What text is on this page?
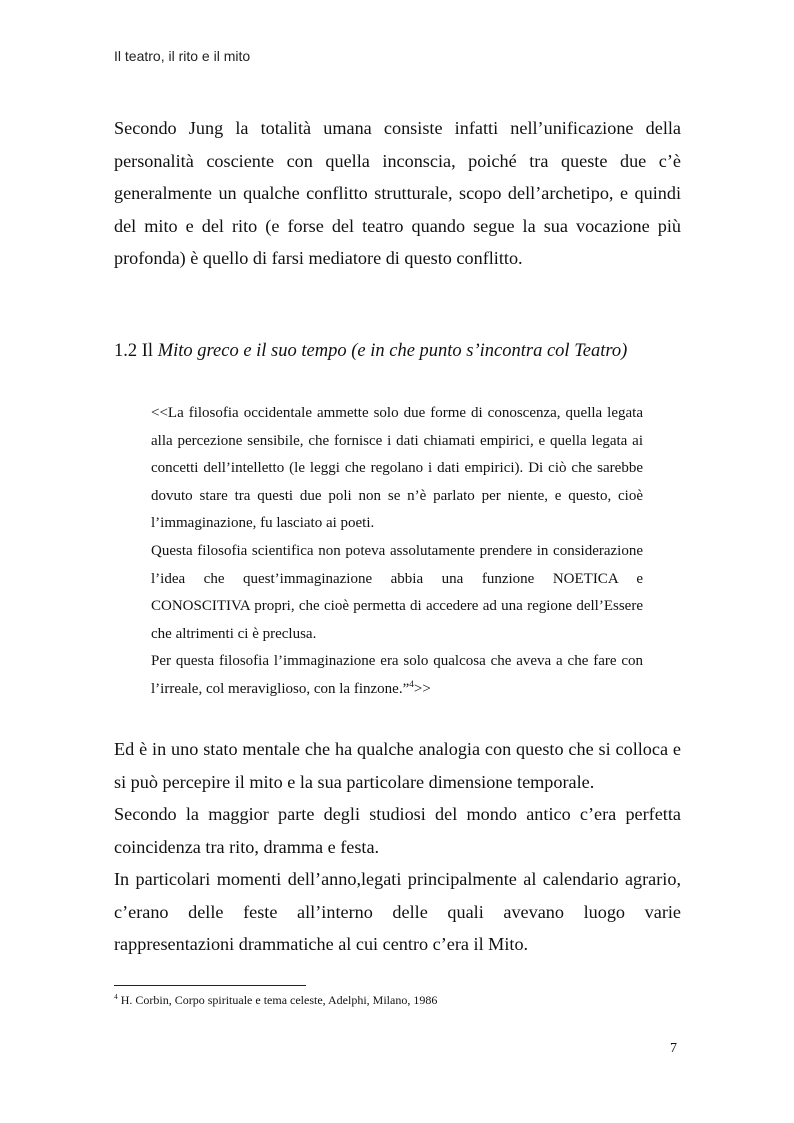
Il teatro, il rito e il mito

Secondo Jung la totalità umana consiste infatti nell’unificazione della personalità cosciente con quella inconscia, poiché tra queste due c’è generalmente un qualche conflitto strutturale, scopo dell’archetipo, e quindi del mito e del rito (e forse del teatro quando segue la sua vocazione più profonda) è quello di farsi mediatore di questo conflitto.

1.2 Il Mito greco e il suo tempo (e in che punto s’incontra col Teatro)

<<La filosofia occidentale ammette solo due forme di conoscenza, quella legata alla percezione sensibile, che fornisce i dati chiamati empirici, e quella legata ai concetti dell’intelletto (le leggi che regolano i dati empirici). Di ciò che sarebbe dovuto stare tra questi due poli non se n’è parlato per niente, e questo, cioè l’immaginazione, fu lasciato ai poeti.

Questa filosofia scientifica non poteva assolutamente prendere in considerazione l’idea che quest’immaginazione abbia una funzione NOETICA e CONOSCITIVA propri, che cioè permetta di accedere ad una regione dell’Essere che altrimenti ci è preclusa.

Per questa filosofia l’immaginazione era solo qualcosa che aveva a che fare con l’irreale, col meraviglioso, con la finzone.”$^4$>>

Ed è in uno stato mentale che ha qualche analogia con questo che si colloca e si può percepire il mito e la sua particolare dimensione temporale.

Secondo la maggior parte degli studiosi del mondo antico c’era perfetta coincidenza tra rito, dramma e festa.

In particolari momenti dell’anno,legati principalmente al calendario agrario, c’erano delle feste all’interno delle quali avevano luogo varie rappresentazioni drammatiche al cui centro c’era il Mito.

$^4$ H. Corbin, Corpo spirituale e tema celeste, Adelphi, Milano, 1986
7
